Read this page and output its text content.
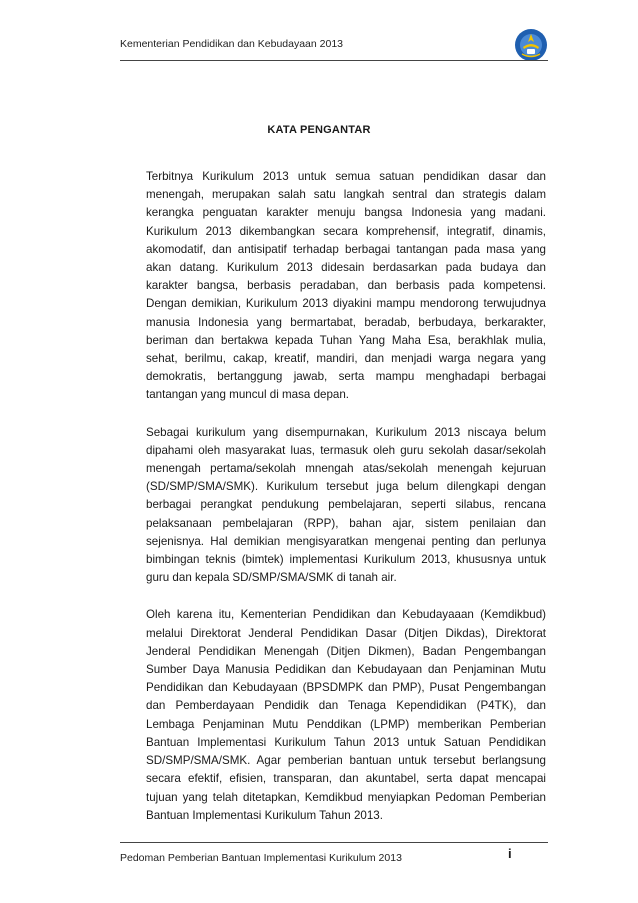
Kementerian Pendidikan dan Kebudayaan 2013
KATA PENGANTAR

Terbitnya Kurikulum 2013 untuk semua satuan pendidikan dasar dan menengah, merupakan salah satu langkah sentral dan strategis dalam kerangka penguatan karakter menuju bangsa Indonesia yang madani. Kurikulum 2013 dikembangkan secara komprehensif, integratif, dinamis, akomodatif, dan antisipatif terhadap berbagai tantangan pada masa yang akan datang. Kurikulum 2013 didesain berdasarkan pada budaya dan karakter bangsa, berbasis peradaban, dan berbasis pada kompetensi. Dengan demikian, Kurikulum 2013 diyakini mampu mendorong terwujudnya manusia Indonesia yang bermartabat, beradab, berbudaya, berkarakter, beriman dan bertakwa kepada Tuhan Yang Maha Esa, berakhlak mulia, sehat, berilmu, cakap, kreatif, mandiri, dan menjadi warga negara yang demokratis, bertanggung jawab, serta mampu menghadapi berbagai tantangan yang muncul di masa depan.

Sebagai kurikulum yang disempurnakan, Kurikulum 2013 niscaya belum dipahami oleh masyarakat luas, termasuk oleh guru sekolah dasar/sekolah menengah pertama/sekolah mnengah atas/sekolah menengah kejuruan (SD/SMP/SMA/SMK). Kurikulum tersebut juga belum dilengkapi dengan berbagai perangkat pendukung pembelajaran, seperti silabus, rencana pelaksanaan pembelajaran (RPP), bahan ajar, sistem penilaian dan sejenisnya. Hal demikian mengisyaratkan mengenai penting dan perlunya bimbingan teknis (bimtek) implementasi Kurikulum 2013, khususnya untuk guru dan kepala SD/SMP/SMA/SMK di tanah air.

Oleh karena itu, Kementerian Pendidikan dan Kebudayaaan (Kemdikbud) melalui Direktorat Jenderal Pendidikan Dasar (Ditjen Dikdas), Direktorat Jenderal Pendidikan Menengah (Ditjen Dikmen), Badan Pengembangan Sumber Daya Manusia Pedidikan dan Kebudayaan dan Penjaminan Mutu Pendidikan dan Kebudayaan (BPSDMPK dan PMP), Pusat Pengembangan dan Pemberdayaan Pendidik dan Tenaga Kependidikan (P4TK), dan Lembaga Penjaminan Mutu Penddikan (LPMP) memberikan Pemberian Bantuan Implementasi Kurikulum Tahun 2013 untuk Satuan Pendidikan SD/SMP/SMA/SMK. Agar pemberian bantuan untuk tersebut berlangsung secara efektif, efisien, transparan, dan akuntabel, serta dapat mencapai tujuan yang telah ditetapkan, Kemdikbud menyiapkan Pedoman Pemberian Bantuan Implementasi Kurikulum Tahun 2013.

Pedoman Pemberian Bantuan Implementasi Kurikulum 2013	i
